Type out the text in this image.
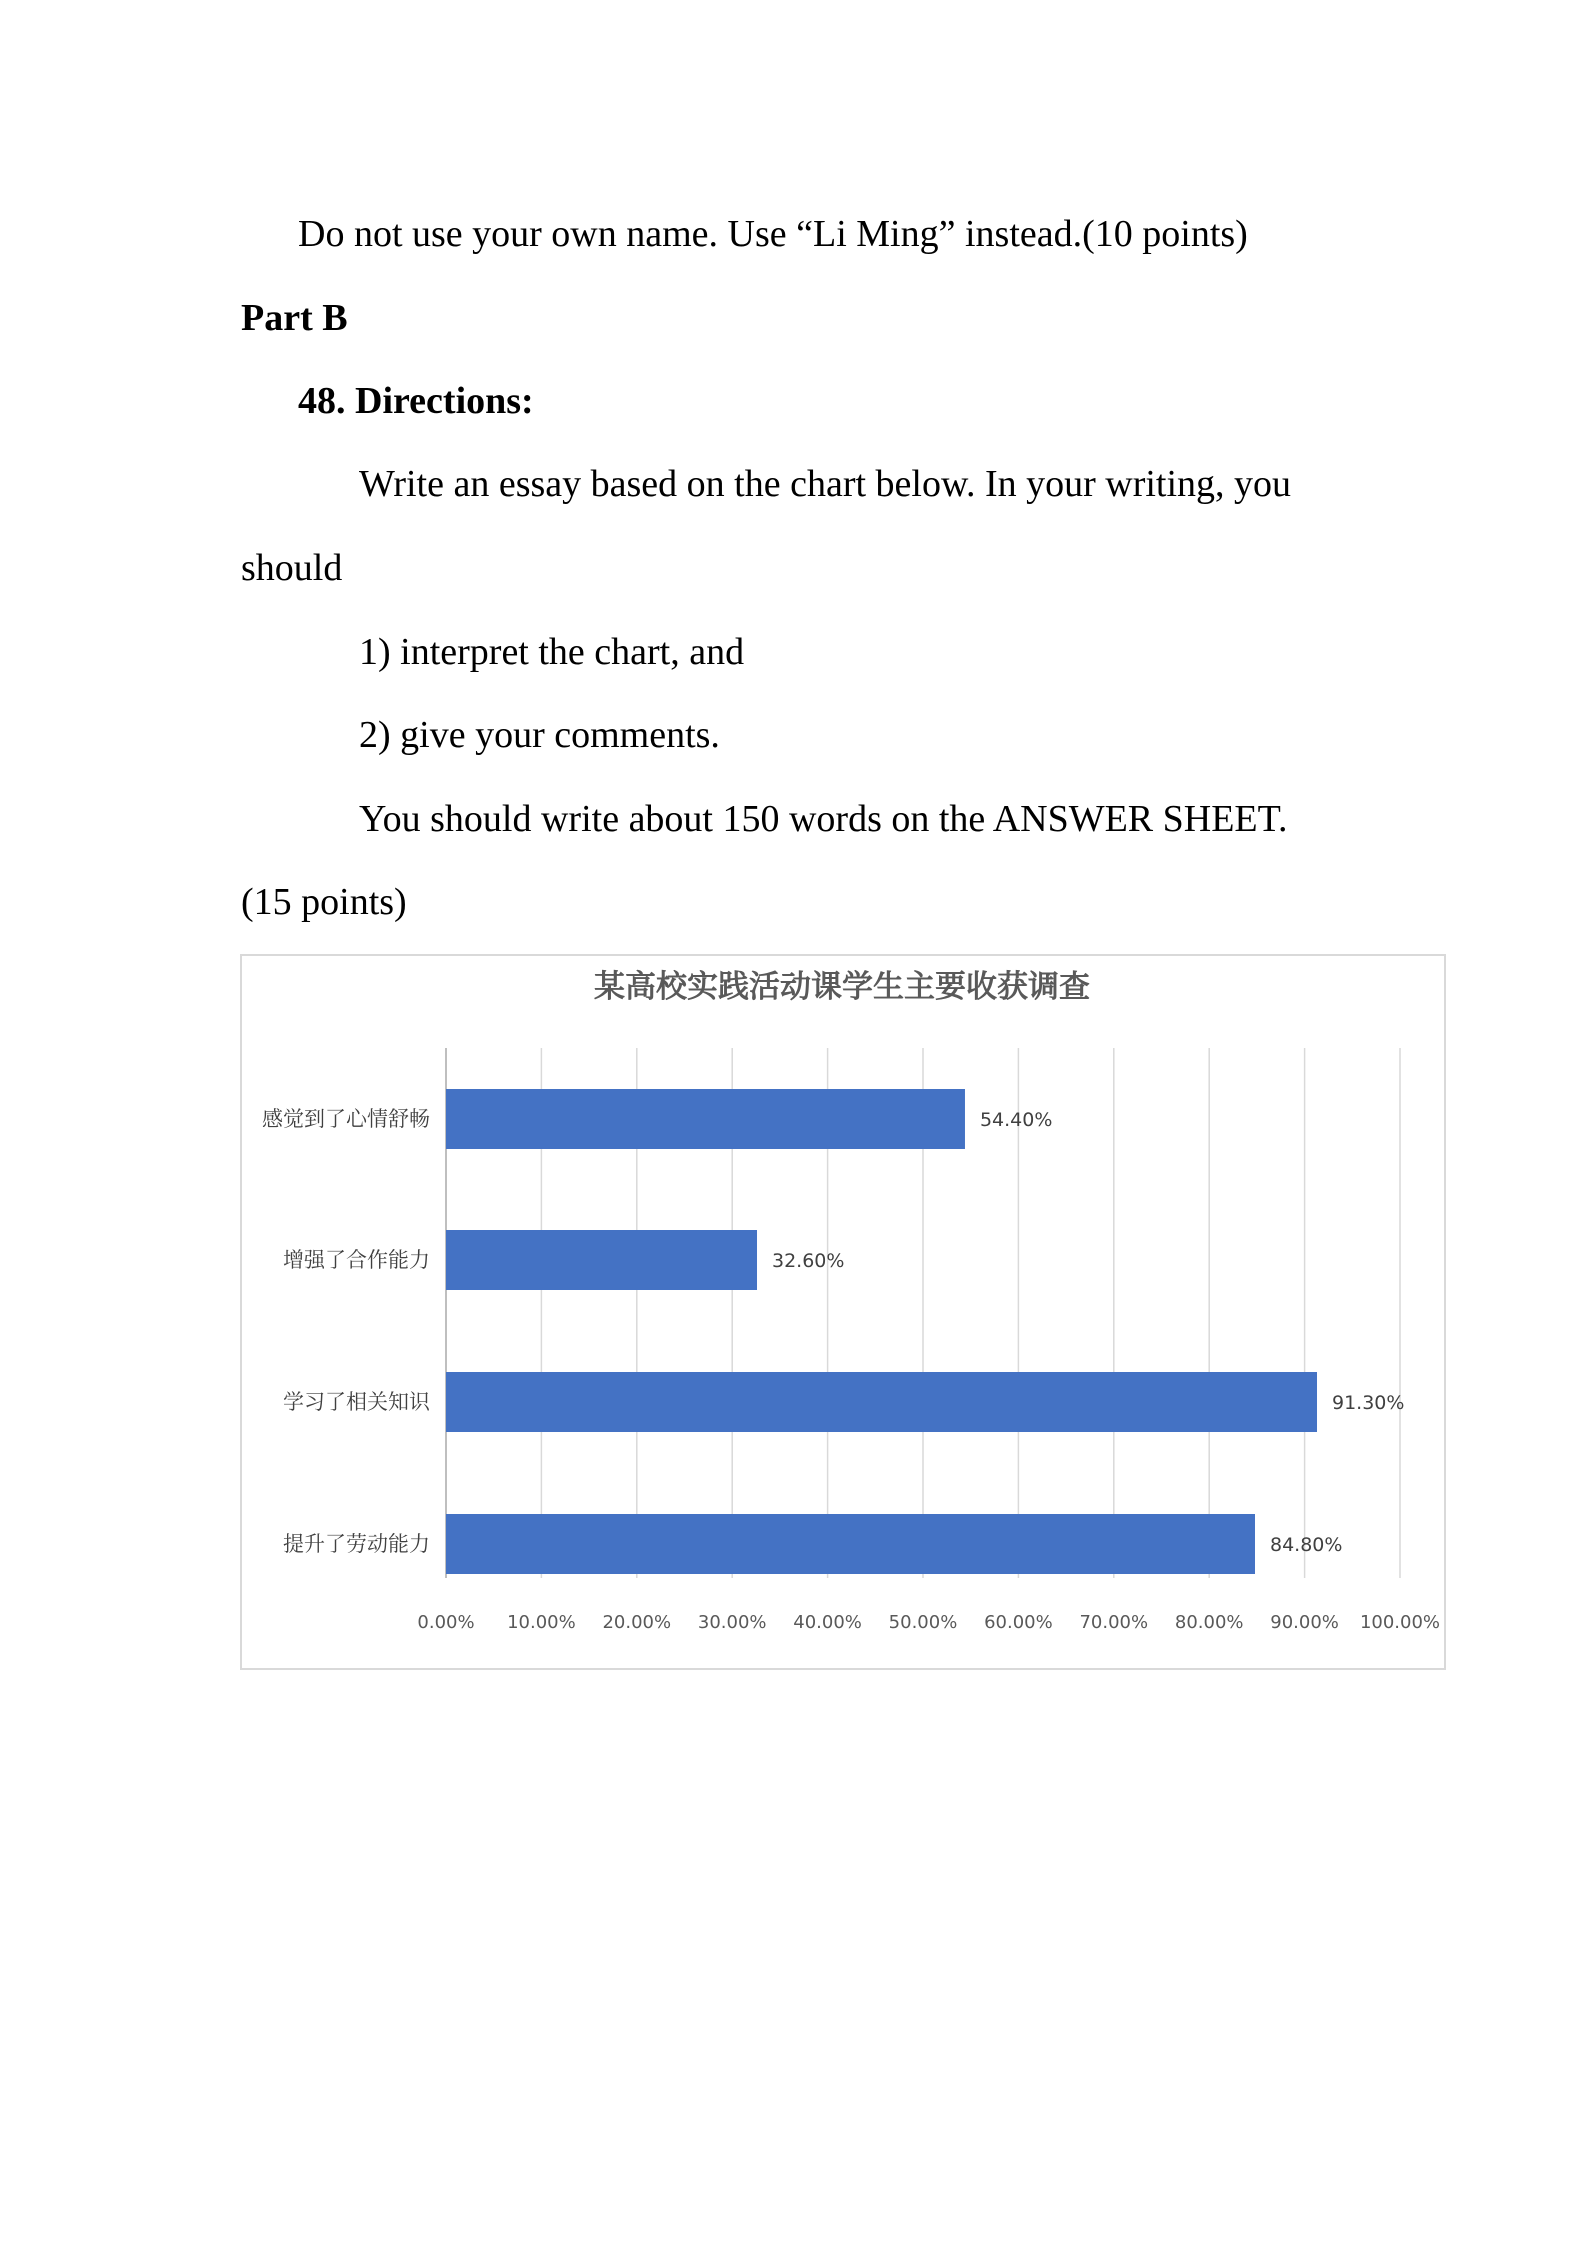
Do not use your own name. Use “Li Ming” instead.(10 points)
Part B
48. Directions:
Write an essay based on the chart below. In your writing, you
should
1) interpret the chart, and
2) give your comments.
You should write about 150 words on the ANSWER SHEET.
(15 points)
0.00% 10.00% 20.00% 30.00% 40.00% 50.00% 60.00% 70.00% 80.00% 90.00% 100.00%
感觉到了心情舒畅	54.40%
增强了合作能力	32.60%
学习了相关知识	91.30%
提升了劳动能力	84.80%
某高校实践活动课学生主要收获调查
